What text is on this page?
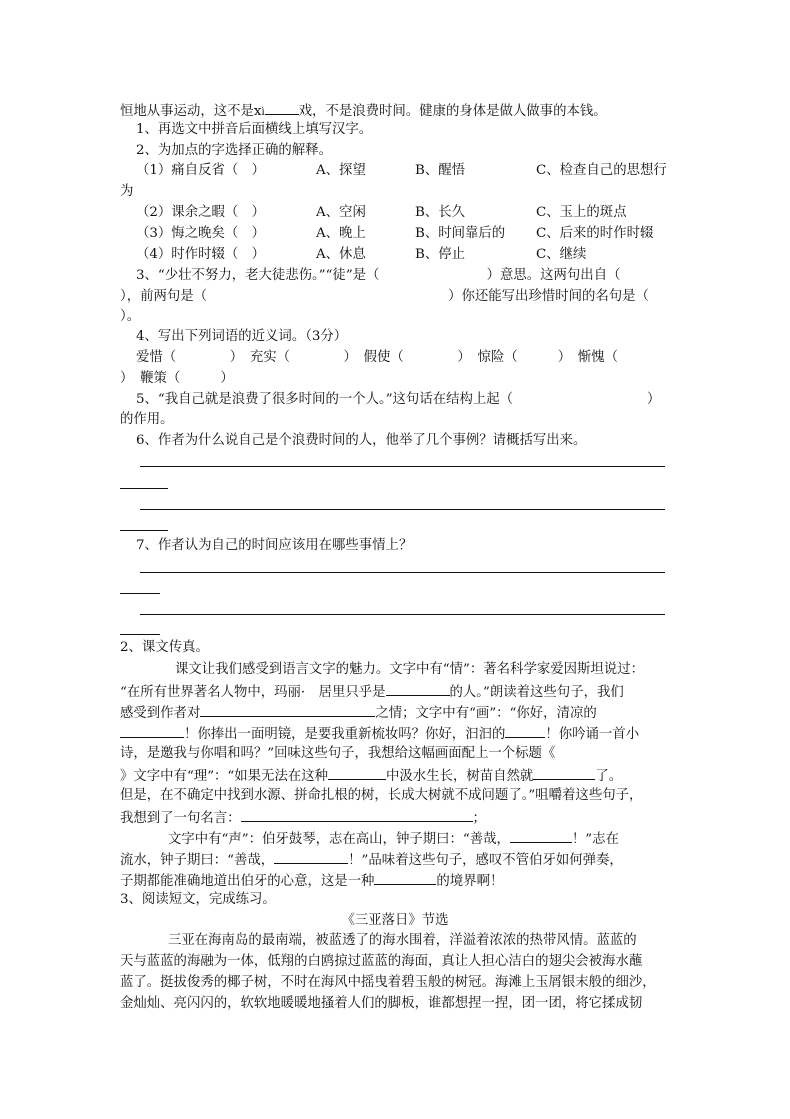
恒地从事运动，这不是xì	戏，不是浪费时间。健康的身体是做人做事的本钱。
1、再选文中拼音后面横线上填写汉字。
2、为加点的字选择正确的解释。
（1）痛自反省（　）	A、探望	B、醒悟	C、检查自己的思想行
为
（2）课余之暇（　）	A、空闲	B、长久	C、玉上的斑点
（3）悔之晚矣（　）	A、晚上	B、时间靠后的 C、后来的时作时辍
（4）时作时辍（　）	A、休息	B、停止	C、继续
3、“少壮不努力，老大徒悲伤。”“徒”是（　　　　　　　　）意思。这两句出自（
），前两句是（　　　　　　　　　　　　　　　　　　）你还能写出珍惜时间的名句是（
）。
4、写出下列词语的近义词。（3分）
爱惜（　　　　）　充实（　　　　）　假使（　　　　）　惊险（　　　）　惭愧（
）　鞭策（　　　）
5、“我自己就是浪费了很多时间的一个人。”这句话在结构上起（　　　　　　　　　　）
的作用。
6、作者为什么说自己是个浪费时间的人，他举了几个事例？请概括写出来。
7、作者认为自己的时间应该用在哪些事情上？
2、课文传真。
课文让我们感受到语言文字的魅力。文字中有“情”：著名科学家爱因斯坦说过：
“在所有世界著名人物中，玛丽·　居里只乎是	的人。”朗读着这些句子，我们
感受到作者对	之情；文字中有“画”：“你好，清凉的
！你捧出一面明镜，是要我重新梳妆吗？你好，汩汩的	！你吟诵一首小
诗，是邀我与你唱和吗？”回味这些句子，我想给这幅画面配上一个标题《
》文字中有“理”：“如果无法在这种	中汲水生长，树苗自然就	了。
但是，在不确定中找到水源、拼命扎根的树，长成大树就不成问题了。”咀嚼着这些句子，
我想到了一句名言：	；
文字中有“声”：伯牙鼓琴，志在高山，钟子期曰：“善哉，	！”志在
流水，钟子期曰：“善哉，	！”品味着这些句子，感叹不管伯牙如何弹奏，
子期都能准确地道出伯牙的心意，这是一种	的境界啊！
3、阅读短文，完成练习。
《三亚落日》节选
三亚在海南岛的最南端，被蓝透了的海水围着，洋溢着浓浓的热带风情。蓝蓝的
天与蓝蓝的海融为一体，低翔的白鸥掠过蓝蓝的海面，真让人担心洁白的翅尖会被海水蘸
蓝了。挺拔俊秀的椰子树，不时在海风中摇曳着碧玉般的树冠。海滩上玉屑银末般的细沙，
金灿灿、亮闪闪的，软软地暖暖地搔着人们的脚板，谁都想捏一捏，团一团，将它揉成韧
